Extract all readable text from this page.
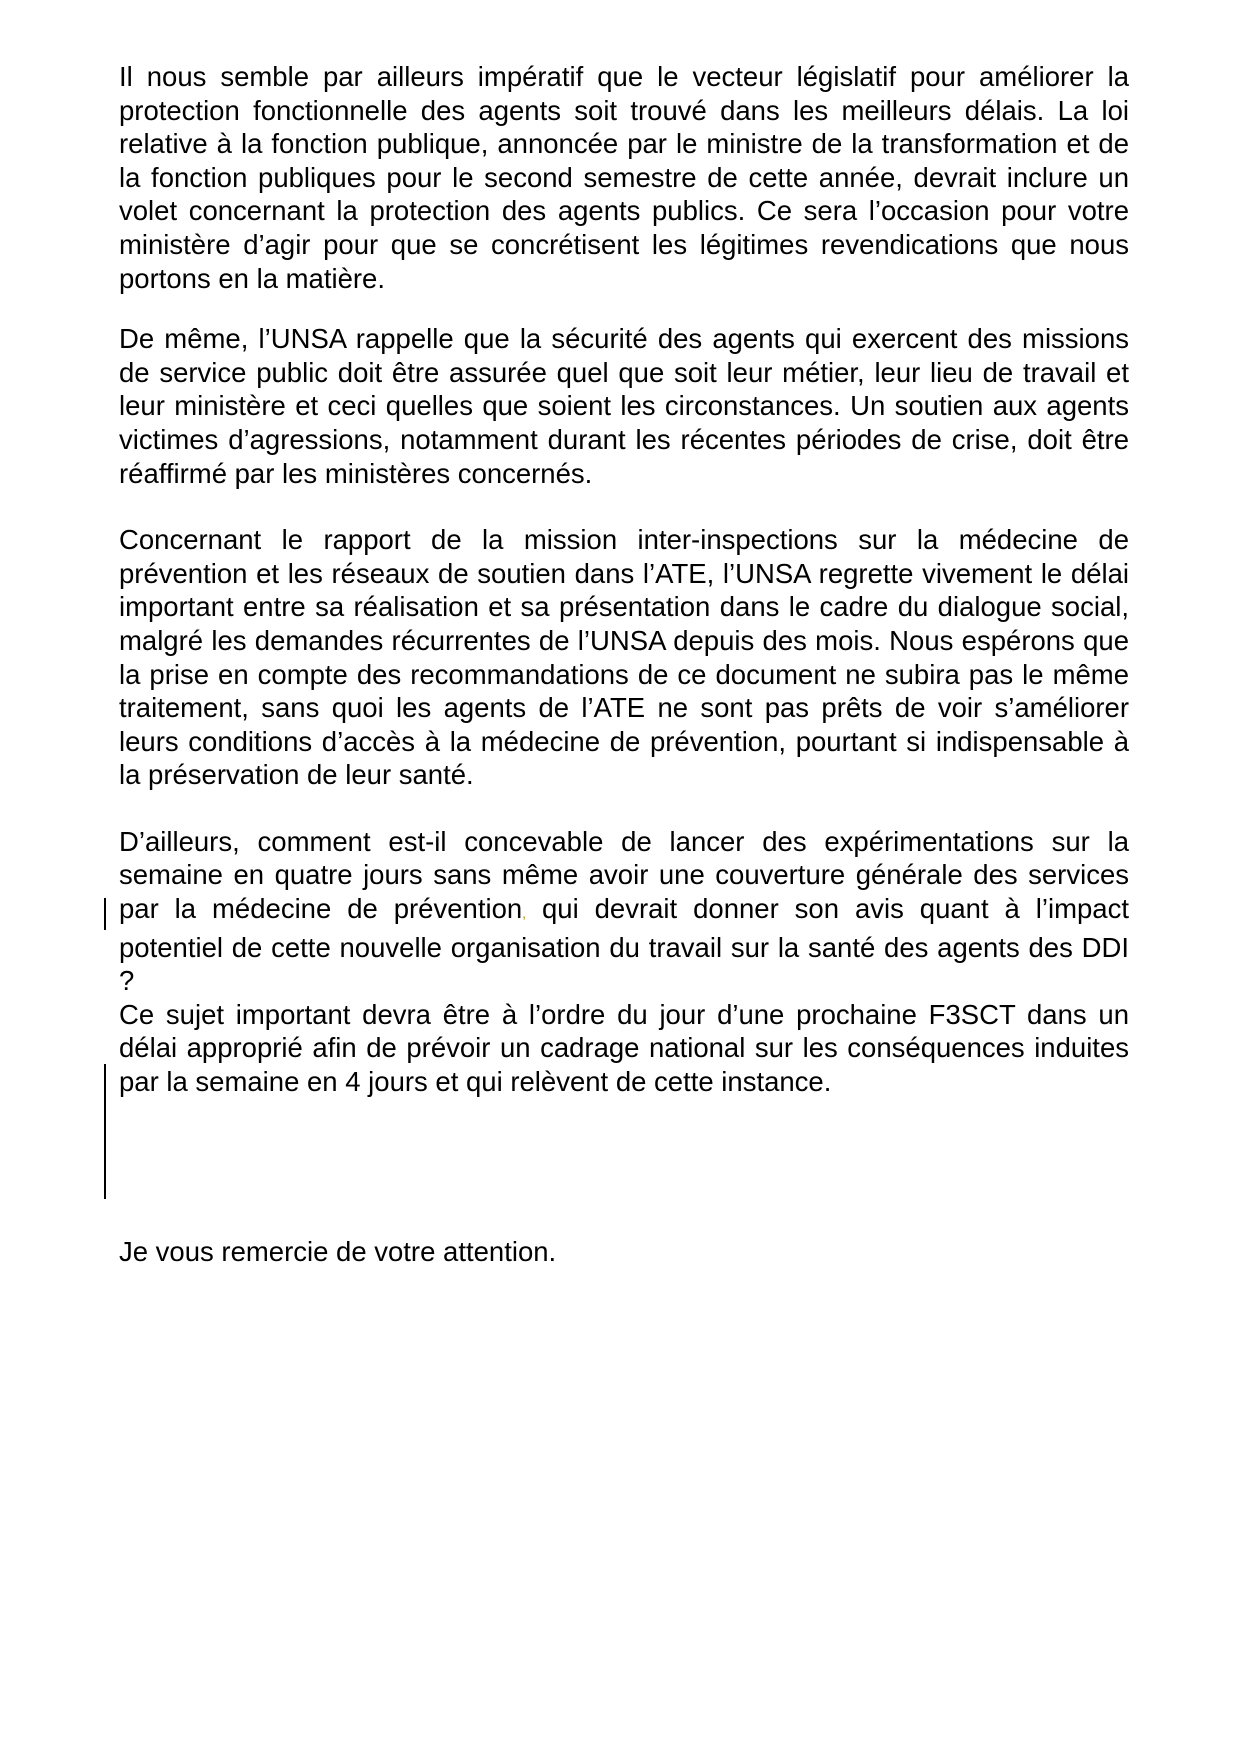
Il nous semble par ailleurs impératif que le vecteur législatif pour améliorer la protection fonctionnelle des agents soit trouvé dans les meilleurs délais. La loi relative à la fonction publique, annoncée par le ministre de la transformation et de la fonction publiques pour le second semestre de cette année, devrait inclure un volet concernant la protection des agents publics. Ce sera l’occasion pour votre ministère d’agir pour que se concrétisent les légitimes revendications que nous portons en la matière.

De même, l’UNSA rappelle que la sécurité des agents qui exercent des missions de service public doit être assurée quel que soit leur métier, leur lieu de travail et leur ministère et ceci quelles que soient les circonstances. Un soutien aux agents victimes d’agressions, notamment durant les récentes périodes de crise, doit être réaffirmé par les ministères concernés.

Concernant le rapport de la mission inter-inspections sur la médecine de prévention et les réseaux de soutien dans l’ATE, l’UNSA regrette vivement le délai important entre sa réalisation et sa présentation dans le cadre du dialogue social, malgré les demandes récurrentes de l’UNSA depuis des mois. Nous espérons que la prise en compte des recommandations de ce document ne subira pas le même traitement, sans quoi les agents de l’ATE ne sont pas prêts de voir s’améliorer leurs conditions d’accès à la médecine de prévention, pourtant si indispensable à la préservation de leur santé.

D’ailleurs, comment est-il concevable de lancer des expérimentations sur la semaine en quatre jours sans même avoir une couverture générale des services par la médecine de prévention, qui devrait donner son avis quant à l’impact potentiel de cette nouvelle organisation du travail sur la santé des agents des DDI ?

Ce sujet important devra être à l’ordre du jour d’une prochaine F3SCT dans un délai approprié afin de prévoir un cadrage national sur les conséquences induites par la semaine en 4 jours et qui relèvent de cette instance.

Je vous remercie de votre attention.
